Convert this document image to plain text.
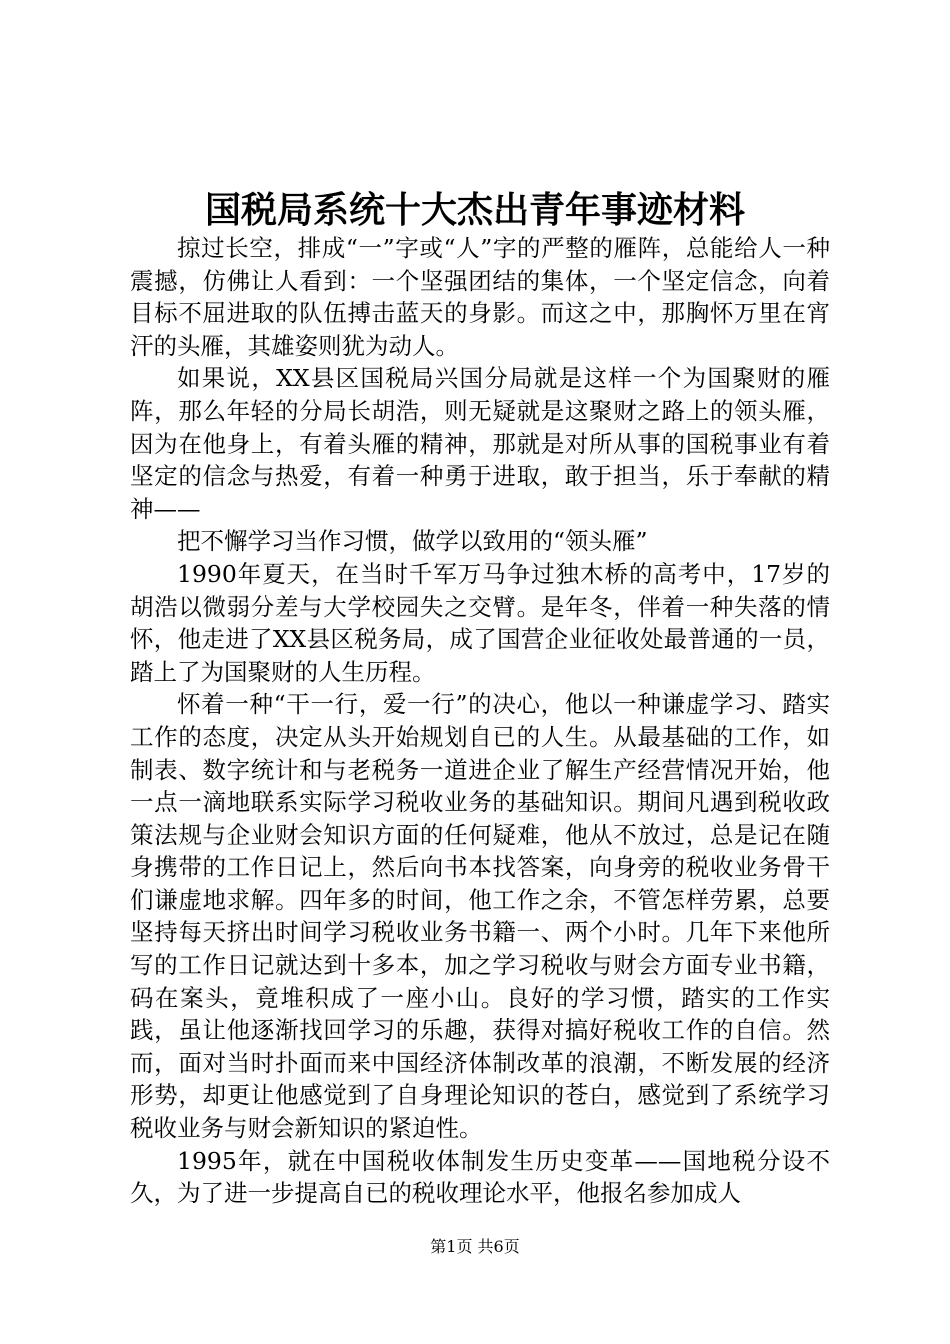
国税局系统十大杰出青年事迹材料

掠过长空，排成“一”字或“人”字的严整的雁阵，总能给人一种震撼，仿佛让人看到：一个坚强团结的集体，一个坚定信念，向着目标不屈进取的队伍搏击蓝天的身影。而这之中，那胸怀万里在宵汗的头雁，其雄姿则犹为动人。

如果说，XX县区国税局兴国分局就是这样一个为国聚财的雁阵，那么年轻的分局长胡浩，则无疑就是这聚财之路上的领头雁，因为在他身上，有着头雁的精神，那就是对所从事的国税事业有着坚定的信念与热爱，有着一种勇于进取，敢于担当，乐于奉献的精神——

把不懈学习当作习惯，做学以致用的“领头雁”

1990年夏天，在当时千军万马争过独木桥的高考中，17岁的胡浩以微弱分差与大学校园失之交臂。是年冬，伴着一种失落的情怀，他走进了XX县区税务局，成了国营企业征收处最普通的一员，踏上了为国聚财的人生历程。

怀着一种“干一行，爱一行”的决心，他以一种谦虚学习、踏实工作的态度，决定从头开始规划自已的人生。从最基础的工作，如制表、数字统计和与老税务一道进企业了解生产经营情况开始，他一点一滴地联系实际学习税收业务的基础知识。期间凡遇到税收政策法规与企业财会知识方面的任何疑难，他从不放过，总是记在随身携带的工作日记上，然后向书本找答案，向身旁的税收业务骨干们谦虚地求解。四年多的时间，他工作之余，不管怎样劳累，总要坚持每天挤出时间学习税收业务书籍一、两个小时。几年下来他所写的工作日记就达到十多本，加之学习税收与财会方面专业书籍，码在案头，竟堆积成了一座小山。良好的学习惯，踏实的工作实践，虽让他逐渐找回学习的乐趣，获得对搞好税收工作的自信。然而，面对当时扑面而来中国经济体制改革的浪潮，不断发展的经济形势，却更让他感觉到了自身理论知识的苍白，感觉到了系统学习税收业务与财会新知识的紧迫性。

1995年，就在中国税收体制发生历史变革——国地税分设不久，为了进一步提高自已的税收理论水平，他报名参加成人

第1页 共6页
